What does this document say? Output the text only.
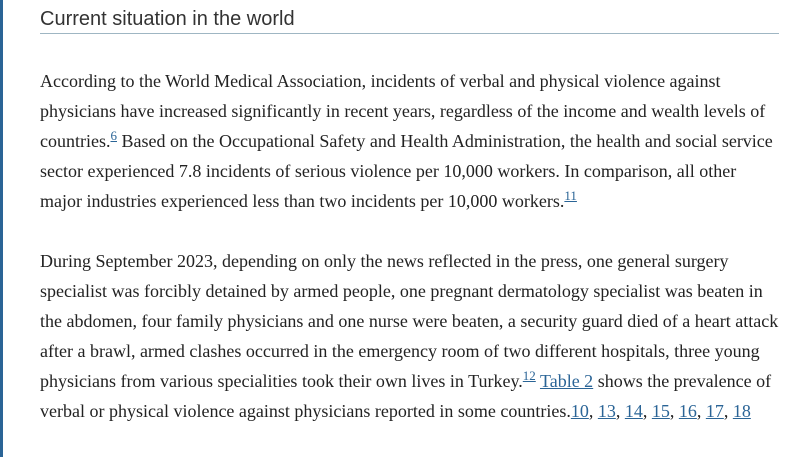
Current situation in the world

According to the World Medical Association, incidents of verbal and physical violence against physicians have increased significantly in recent years, regardless of the income and wealth levels of countries.$^6$ Based on the Occupational Safety and Health Administration, the health and social service sector experienced 7.8 incidents of serious violence per 10,000 workers. In comparison, all other major industries experienced less than two incidents per 10,000 workers.$^{11}$

During September 2023, depending on only the news reflected in the press, one general surgery specialist was forcibly detained by armed people, one pregnant dermatology specialist was beaten in the abdomen, four family physicians and one nurse were beaten, a security guard died of a heart attack after a brawl, armed clashes occurred in the emergency room of two different hospitals, three young physicians from various specialities took their own lives in Turkey.$^{12}$ Table 2 shows the prevalence of verbal or physical violence against physicians reported in some countries.10, 13, 14, 15, 16, 17, 18
